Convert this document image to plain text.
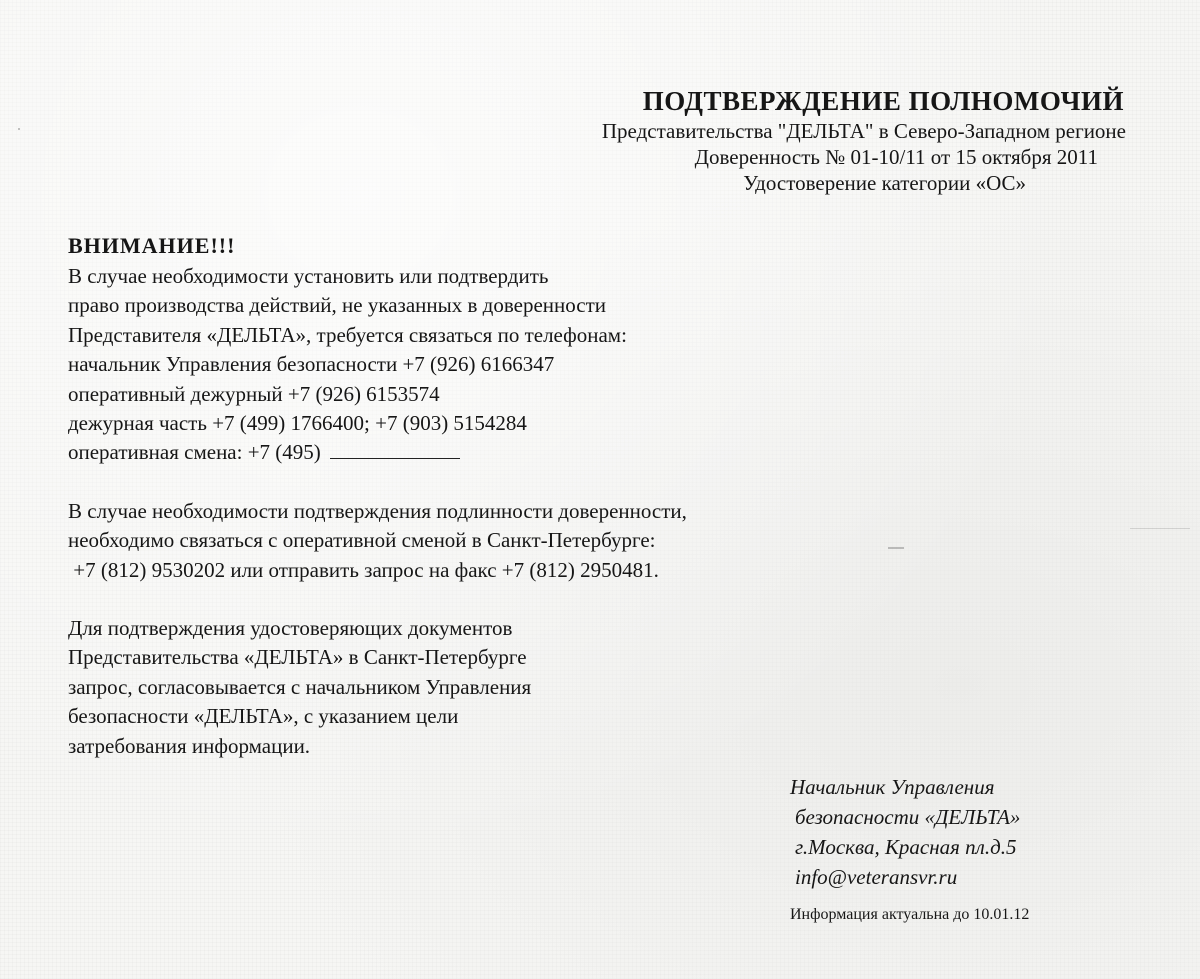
ПОДТВЕРЖДЕНИЕ ПОЛНОМОЧИЙ
Представительства "ДЕЛЬТА" в Северо-Западном регионе
Доверенность № 01-10/11 от 15 октября 2011
Удостоверение категории «ОС»
ВНИМАНИЕ!!!
В случае необходимости установить или подтвердить
право производства действий, не указанных в доверенности
Представителя «ДЕЛЬТА», требуется связаться по телефонам:
начальник Управления безопасности +7 (926) 6166347
оперативный дежурный +7 (926) 6153574
дежурная часть +7 (499) 1766400; +7 (903) 5154284
оперативная смена: +7 (495)
В случае необходимости подтверждения подлинности доверенности,
необходимо связаться с оперативной сменой в Санкт-Петербурге:
+7 (812) 9530202 или отправить запрос на факс +7 (812) 2950481.
Для подтверждения удостоверяющих документов
Представительства «ДЕЛЬТА» в Санкт-Петербурге
запрос, согласовывается с начальником Управления
безопасности «ДЕЛЬТА», с указанием цели
затребования информации.
Начальник Управления
безопасности «ДЕЛЬТА»
г.Москва, Красная пл.д.5
info@veteransvr.ru
Информация актуальна до 10.01.12
